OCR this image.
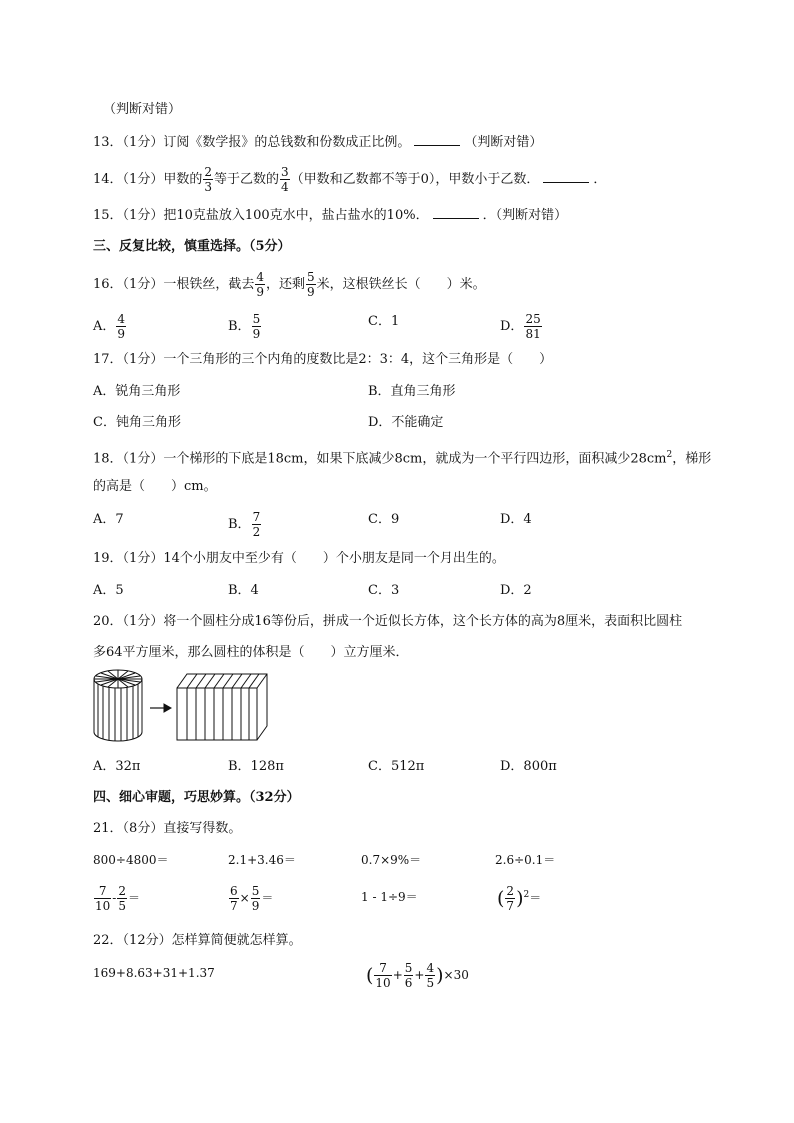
（判断对错）
13．（1分）订阅《数学报》的总钱数和份数成正比例。	（判断对错）
14．（1分）甲数的 $\frac{2}{3}$ 等于乙数的 $\frac{3}{4}$ （甲数和乙数都不等于0），甲数小于乙数．	．
15．（1分）把10克盐放入100克水中，盐占盐水的10%．	．（判断对错）
三、反复比较，慎重选择。（5分）
16．（1分）一根铁丝，截去 $\frac{4}{9}$ ，还剩 $\frac{5}{9}$ 米，这根铁丝长（　　）米。
A． $\frac{4}{9}$	B． $\frac{5}{9}$	C．1	D． $\frac{25}{81}$
17．（1分）一个三角形的三个内角的度数比是2：3：4，这个三角形是（　　）
A．锐角三角形	B．直角三角形
C．钝角三角形	D．不能确定
18．（1分）一个梯形的下底是18cm，如果下底减少8cm，就成为一个平行四边形，面积减少$28cm^2$，梯形
的高是（　　）cm。
A．7	B． $\frac{7}{2}$	C．9	D．4
19．（1分）14个小朋友中至少有（　　）个小朋友是同一个月出生的。
A．5	B．4	C．3	D．2
20．（1分）将一个圆柱分成16等份后，拼成一个近似长方体，这个长方体的高为8厘米，表面积比圆柱
多64平方厘米，那么圆柱的体积是（　　）立方厘米．
A．32π	B．128π	C．512π	D．800π
四、细心审题，巧思妙算。（32分）
21．（8分）直接写得数。
800÷4800＝	2.1+3.46＝	0.7×9%＝	2.6÷0.1＝
$\frac{7}{10} - \frac{2}{5}$ ＝	$\frac{6}{7} \times \frac{5}{9}$ ＝	1 - 1÷9＝	( $\frac{2}{7} )^2=$
22．（12分）怎样算简便就怎样算。
169+8.63+31+1.37	( $\frac{7}{10} + \frac{5}{6} + \frac{4}{5} )\times 30$
